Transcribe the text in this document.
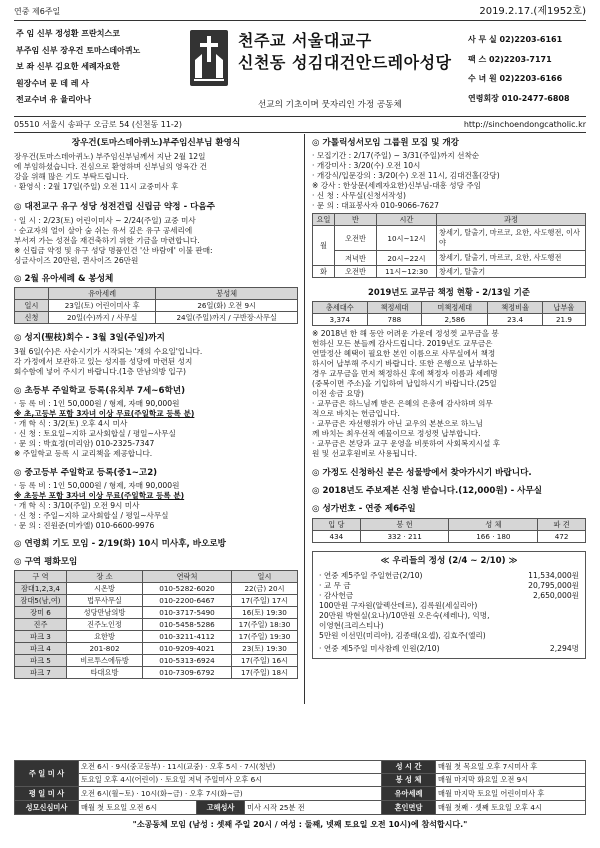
연중 제6주일	2019.2.17.(제1952호)

주 임 신부 정성환 프란치스코

부주임 신부 장우건 토마스데아퀴노

보 좌 신부 김요한 세례자요한

원장수녀 문 데 레 사

전교수녀 유 율리아나

천주교 서울대교구
신천동 성김대건안드레아성당
선교의 기초이며 뭇자리인 가정 공동체

사 무 실 02)2203-6161

팩 스 02)2203-7171

수 녀 원 02)2203-6166

연령회장 010-2477-6808

05510 서울시 송파구 오금로 54 (신천동 11-2)	http://sinchoendongcatholic.kr
장우건(토마스데아퀴노)부주임신부님 환영식

장우건(토마스데아퀴노) 부주임신부님께서 지난 2월 12일

에 부임하셨습니다. 진심으로 환영하며 신부님의 영육간 건

강을 위해 많은 기도 부탁드립니다.

· 환영식 : 2월 17일(주일) 오전 11시 교중미사 후

◎ 대전교구 유구 성당 성전건립 신립금 약정 - 다음주

· 일 시 : 2/23(토) 어린이미사 ~ 2/24(주일) 교중 미사

· 순교자의 얼이 살아 숨 쉬는 유서 깊은 유구 공세리에

부서져 가는 성전을 재건축하기 위한 기금을 마련합니다.

※ 신립금 약정 및 유구 성당 명품인건 '산 바람에' 이불 판매:

싱글사이즈 20만원, 퀸사이즈 26만원

◎ 2월 유아세례 & 봉성체
	유아세례	봉성체
일시	23일(토) 어린이미사 후	26일(화) 오전 9시
신청	20일(수)까지 / 사무실	24일(주일)까지 / 구반장·사무실
◎ 성지(聖枝)회수 - 3월 3일(주일)까지

3월 6일(수)은 사순시기가 시작되는 '재의 수요일'입니다.

각 가정에서 보관하고 있는 성지를 성당에 마련된 성지

회수함에 넣어 주시기 바랍니다.(1층 만남의방 입구)

◎ 초등부 주일학교 등록(유치부 7세~6학년)

· 등 록 비 : 1인 50,000원 / 형제, 자매 90,000원

※ 초,고등부 포함 3자녀 이상 무료(주일학교 등록 분)

· 개 학 식 : 3/2(토) 오후 4시 미사

· 신 청 : 토요일~지하 교사회합실 / 평일~사무실

· 문 의 : 박효정(미리암) 010-2325-7347

※ 주일학교 등록 시 교리책을 제공합니다.

◎ 중고등부 주일학교 등록(중1~고2)

· 등 록 비 : 1인 50,000원 / 형제, 자매 90,000원

※ 초등부 포함 3자녀 이상 무료(주일학교 등록 분)

· 개 학 식 : 3/10(주일) 오전 9시 미사

· 신 청 : 주일~지하 교사회합실 / 평일~사무실

· 문 의 : 진원준(미카엘) 010-6600-9976

◎ 연령회 기도 모임 - 2/19(화) 10시 미사후, 바오로방
◎ 구역 평화모임
구 역	장 소	연락처	일시
잠대1,2,3,4	시온방	010-5282-6020	22(금) 20시
잠대5(남,여)	법무사무실	010-2200-6467	17(주일) 17시
장미 6	성당만남의방	010-3717-5490	16(토) 19:30
진주	진주노인정	010-5458-5286	17(주일) 18:30
파크 3	요한방	010-3211-4112	17(주일) 19:30
파크 4	201-802	010-9209-4021	23(토) 19:30
파크 5	비르투스에듀방	010-5313-6924	17(주일) 16시
파크 7	타대요방	010-7309-6792	17(주일) 18시
◎ 가톨릭성서모임 그룹원 모집 및 개강

· 모집기간 : 2/17(주일) ~ 3/31(주일)까지 선착순

· 개강미사 : 3/20(수) 오전 10시

· 개강식/입문강의 : 3/20(수) 오전 11시, 김대건홀(강당)

※ 강사 : 한상문(세례자요한)신부님-대흥 성당 주임

· 신 청 : 사무실(신청서작성)

· 문 의 : 대표봉사자 010-9066-7627

요일	반	시간	과정
월	오전반	10시~12시	창세기, 탈출기, 마르코, 요한, 사도행전, 이사야
	저녁반	20시~22시	창세기, 탈출기, 마르코, 요한, 사도행전
화	오전반	11시~12:30	창세기, 탈출기
2019년도 교무금 책정 현황 - 2/13일 기준
총세대수	책정세대	미책정세대	책정비율	납부율
3,374	788	2,586	23.4	21.9

※ 2018년 한 해 동안 어려운 가운데 정성껏 교무금을 봉

헌하신 모든 분들께 감사드립니다. 2019년도 교무금은

연말정산 혜택이 필요한 본인 이름으로 사무실에서 책정

하시어 납부해 주시기 바랍니다. 또한 은행으로 납부하는

경우 교무금을 먼저 책정하신 후에 책정자 이름과 세례명

(중복이면 주소)을 기입하여 납입하시기 바랍니다.(25일

이전 송금 요망)

· 교무금은 하느님께 받은 은혜의 은총에 감사하며 의무

적으로 바치는 헌금입니다.

· 교무금은 자선행위가 아닌 교우의 본분으로 하느님

께 바치는 최우선적 예물이므로 정성껏 납부합니다.

· 교무금은 본당과 교구 운영을 비롯하여 사회복지시설 후

원 및 선교후원비로 사용됩니다.

◎ 가정도 신청하신 분은 성물방에서 찾아가시기 바랍니다.
◎ 2018년도 주보제본 신청 받습니다.(12,000원) - 사무실
◎ 성가번호 - 연중 제6주일
입 당	봉 헌	성 체	파 견
434	332 · 211	166 · 180	472
≪ 우리들의 정성 (2/4 ~ 2/10) ≫
· 연중 제5주일 주일헌금(2/10)	11,534,000원
· 교 무 금	20,795,000원
· 감사헌금	2,650,000원

100만원 구자원(알렉산데르), 김록원(세실리아)

20만원 박현실(요나)/10만원 오은숙(세레나), 익명,

이영현(크리스티나)

5만원 이선민(미리아), 김종태(요셉), 김효주(엘리)

· 연중 제5주일 미사참례 인원(2/10)	2,294명
주 일 미 사	오전 6시 · 9시(중고등부) · 11시(교중) · 오후 5시 · 7시(청년)	성 시 간	매월 첫 목요일 오후 7시미사 후
	토요일 오후 4시(어린이) · 토요일 저녁 주일미사 오후 6시	봉 성 체	매월 마지막 화요일 오전 9시
평 일 미 사	오전 6시(월~토) · 10시(화~금) · 오후 7시(화~금)	유아세례	매월 마지막 토요일 어린이미사 후
성모신심미사	매월 첫 토요일 오전 6시	고해성사	미사 시작 25분 전	혼인면담	매월 첫째 · 셋째 토요일 오후 4시
"소공동체 모임 (남성 : 셋째 주일 20시 / 여성 : 둘째, 넷째 토요일 오전 10시)에 참석합시다."
